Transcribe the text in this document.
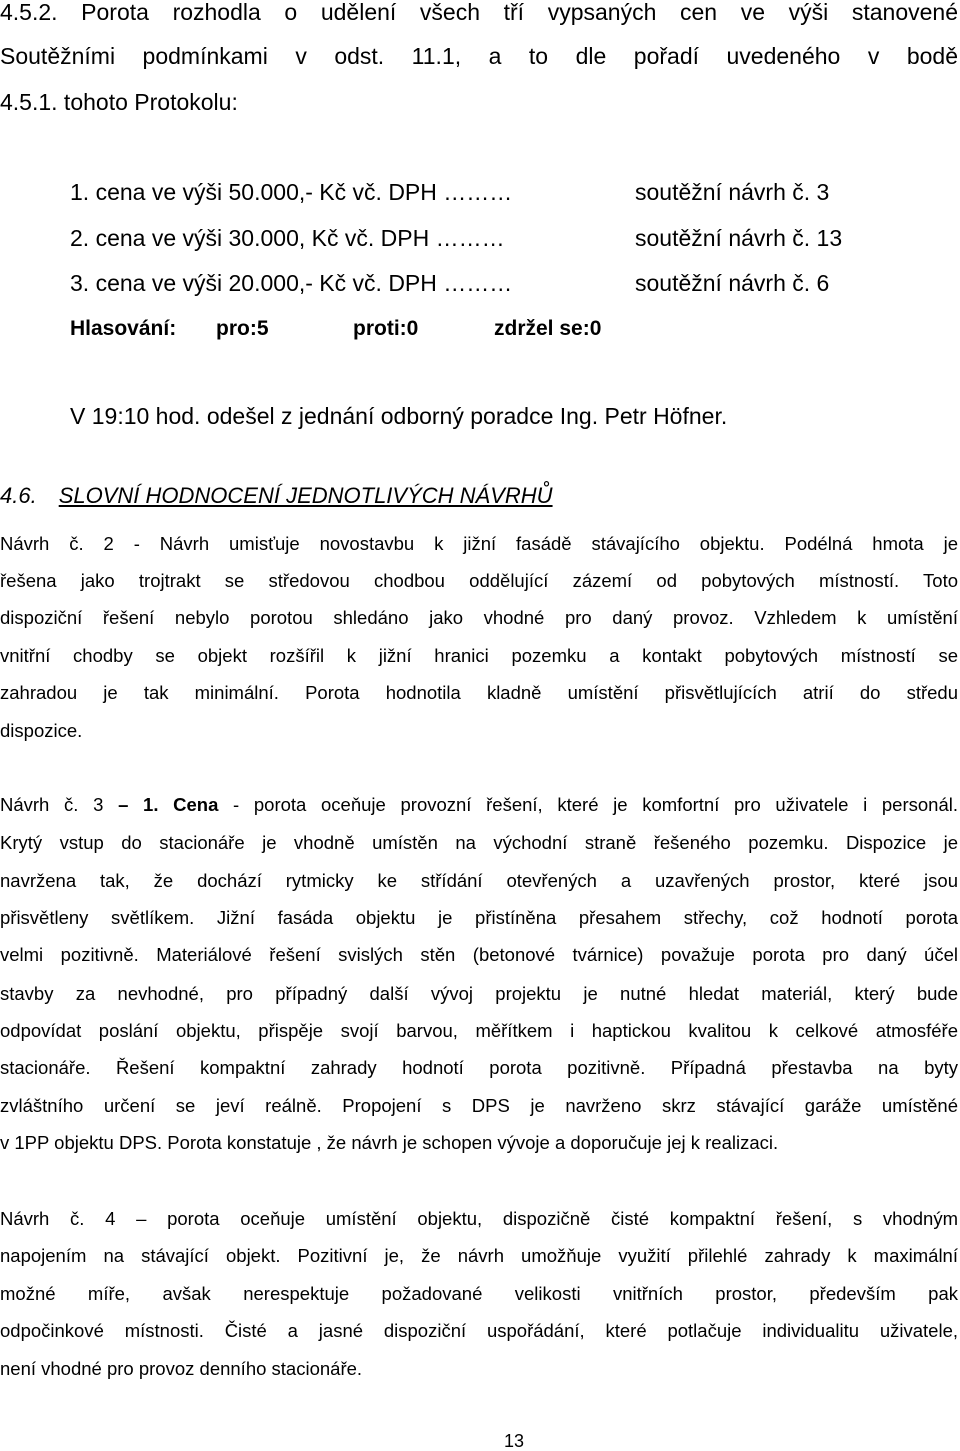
4.5.2. Porota rozhodla o udělení všech tří vypsaných cen ve výši stanovené
Soutěžními podmínkami v odst. 11.1, a to dle pořadí uvedeného v bodě
4.5.1. tohoto Protokolu:
1. cena ve výši 50.000,- Kč vč. DPH ………	soutěžní návrh č. 3
2. cena ve výši 30.000, Kč vč. DPH ………	soutěžní návrh č. 13
3. cena ve výši 20.000,- Kč vč. DPH ………	soutěžní návrh č. 6
Hlasování: pro:5	proti:0	zdržel se:0
V 19:10 hod. odešel z jednání odborný poradce Ing. Petr Höfner.
4.6. SLOVNÍ HODNOCENÍ JEDNOTLIVÝCH NÁVRHŮ
Návrh č. 2 - Návrh umisťuje novostavbu k jižní fasádě stávajícího objektu. Podélná hmota je
řešena jako trojtrakt se středovou chodbou oddělující zázemí od pobytových místností. Toto
dispoziční řešení nebylo porotou shledáno jako vhodné pro daný provoz. Vzhledem k umístění
vnitřní chodby se objekt rozšířil k jižní hranici pozemku a kontakt pobytových místností se
zahradou je tak minimální. Porota hodnotila kladně umístění přisvětlujících atrií do středu
dispozice.
Návrh č. 3 – 1. Cena - porota oceňuje provozní řešení, které je komfortní pro uživatele i personál.
Krytý vstup do stacionáře je vhodně umístěn na východní straně řešeného pozemku. Dispozice je
navržena tak, že dochází rytmicky ke střídání otevřených a uzavřených prostor, které jsou
přisvětleny světlíkem. Jižní fasáda objektu je přistíněna přesahem střechy, což hodnotí porota
velmi pozitivně. Materiálové řešení svislých stěn (betonové tvárnice) považuje porota pro daný účel
stavby za nevhodné, pro případný další vývoj projektu je nutné hledat materiál, který bude
odpovídat poslání objektu, přispěje svojí barvou, měřítkem i haptickou kvalitou k celkové atmosféře
stacionáře. Řešení kompaktní zahrady hodnotí porota pozitivně. Případná přestavba na byty
zvláštního určení se jeví reálně. Propojení s DPS je navrženo skrz stávající garáže umístěné
v 1PP objektu DPS. Porota konstatuje , že návrh je schopen vývoje a doporučuje jej k realizaci.
Návrh č. 4 – porota oceňuje umístění objektu, dispozičně čisté kompaktní řešení, s vhodným
napojením na stávající objekt. Pozitivní je, že návrh umožňuje využití přilehlé zahrady k maximální
možné míře, avšak nerespektuje požadované velikosti vnitřních prostor, především pak
odpočinkové místnosti. Čisté a jasné dispoziční uspořádání, které potlačuje individualitu uživatele,
není vhodné pro provoz denního stacionáře.
13
